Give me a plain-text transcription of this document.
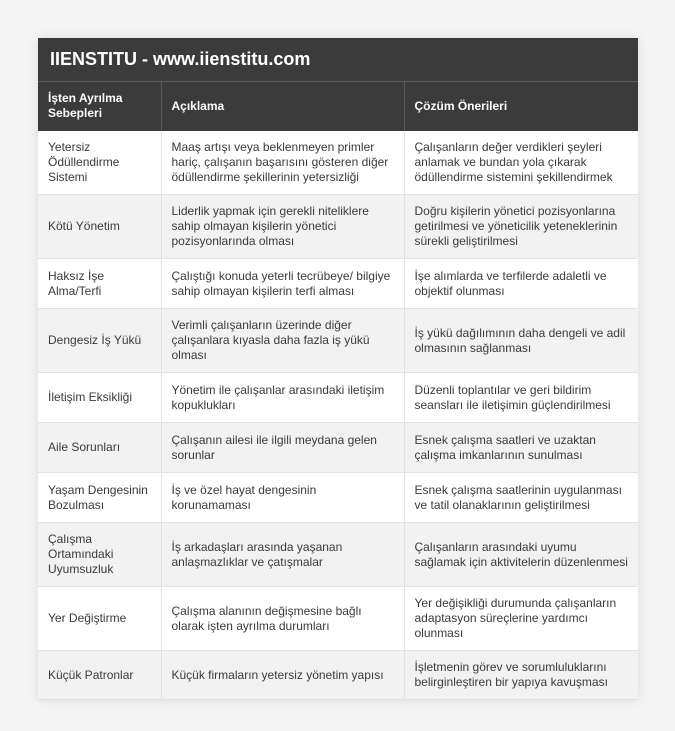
IIENSTITU - www.iienstitu.com
İşten Ayrılma Sebepleri	Açıklama	Çözüm Önerileri
Yetersiz Ödüllendirme Sistemi	Maaş artışı veya beklenmeyen primler hariç, çalışanın başarısını gösteren diğer ödüllendirme şekillerinin yetersizliği	Çalışanların değer verdikleri şeyleri anlamak ve bundan yola çıkarak ödüllendirme sistemini şekillendirmek
Kötü Yönetim	Liderlik yapmak için gerekli niteliklere sahip olmayan kişilerin yönetici pozisyonlarında olması	Doğru kişilerin yönetici pozisyonlarına getirilmesi ve yöneticilik yeteneklerinin sürekli geliştirilmesi
Haksız İşe Alma/Terfi	Çalıştığı konuda yeterli tecrübeye/ bilgiye sahip olmayan kişilerin terfi alması	İşe alımlarda ve terfilerde adaletli ve objektif olunması
Dengesiz İş Yükü	Verimli çalışanların üzerinde diğer çalışanlara kıyasla daha fazla iş yükü olması	İş yükü dağılımının daha dengeli ve adil olmasının sağlanması
İletişim Eksikliği	Yönetim ile çalışanlar arasındaki iletişim kopuklukları	Düzenli toplantılar ve geri bildirim seansları ile iletişimin güçlendirilmesi
Aile Sorunları	Çalışanın ailesi ile ilgili meydana gelen sorunlar	Esnek çalışma saatleri ve uzaktan çalışma imkanlarının sunulması
Yaşam Dengesinin Bozulması	İş ve özel hayat dengesinin korunamaması	Esnek çalışma saatlerinin uygulanması ve tatil olanaklarının geliştirilmesi
Çalışma Ortamındaki Uyumsuzluk	İş arkadaşları arasında yaşanan anlaşmazlıklar ve çatışmalar	Çalışanların arasındaki uyumu sağlamak için aktivitelerin düzenlenmesi
Yer Değiştirme	Çalışma alanının değişmesine bağlı olarak işten ayrılma durumları	Yer değişikliği durumunda çalışanların adaptasyon süreçlerine yardımcı olunması
Küçük Patronlar	Küçük firmaların yetersiz yönetim yapısı	İşletmenin görev ve sorumluluklarını belirginleştiren bir yapıya kavuşması
